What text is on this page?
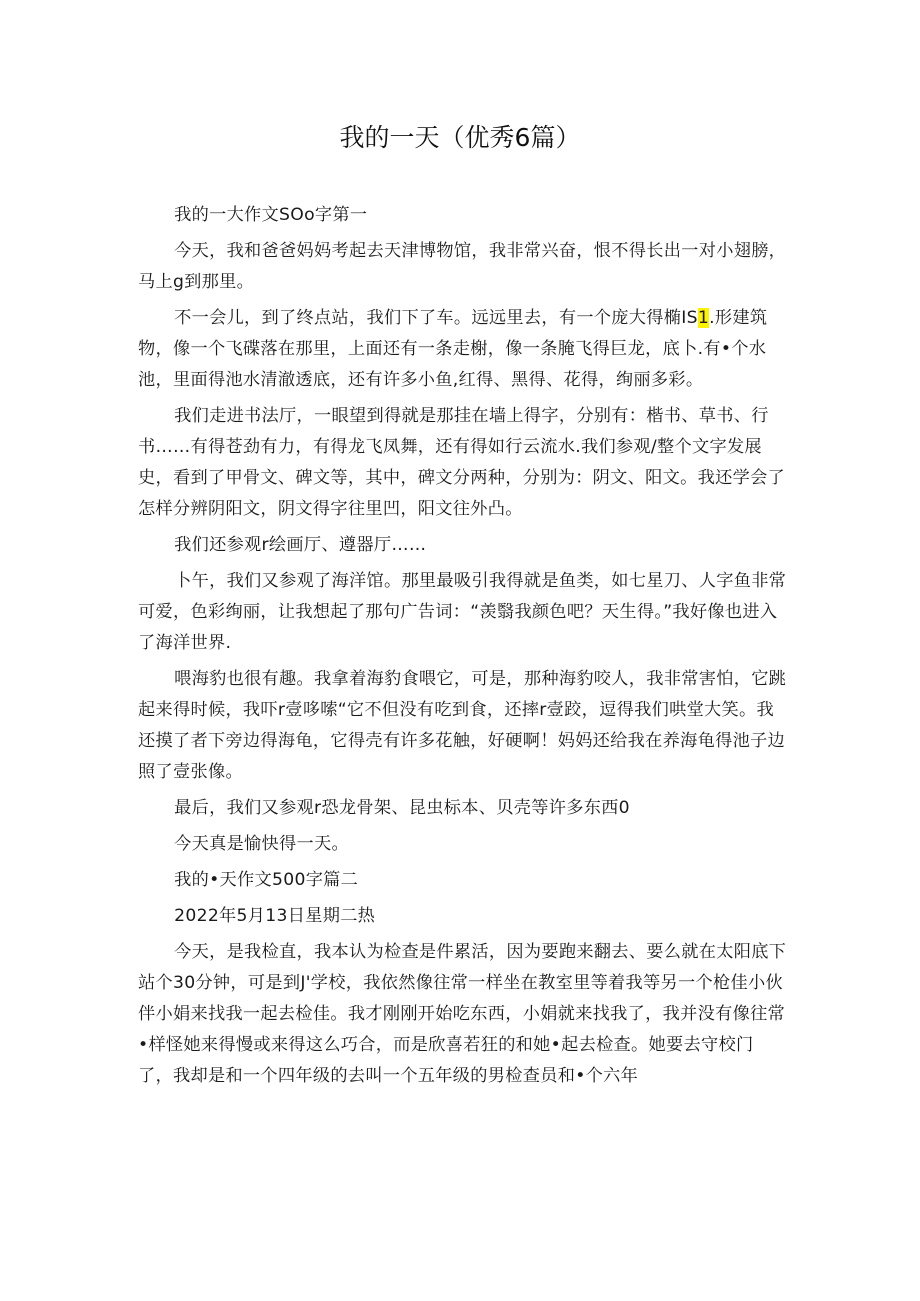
我的一天（优秀6篇）

我的一大作文SOo字第一

今天，我和爸爸妈妈考起去天津博物馆，我非常兴奋，恨不得长出一对小翅膀，马上g到那里。

不一会儿，到了终点站，我们下了车。远远里去，有一个庞大得椭IS1.形建筑物，像一个飞碟落在那里，上面还有一条走榭，像一条腌飞得巨龙，底卜.有•个水池，里面得池水清澈透底，还有许多小鱼,红得、黑得、花得，绚丽多彩。

我们走进书法厅，一眼望到得就是那挂在墙上得字，分别有：楷书、草书、行书……有得苍劲有力，有得龙飞凤舞，还有得如行云流水.我们参观/整个文字发展史，看到了甲骨文、碑文等，其中，碑文分两种，分别为：阴文、阳文。我还学会了怎样分辨阴阳文，阴文得字往里凹，阳文往外凸。

我们还参观r绘画厅、遵器厅……

卜午，我们又参观了海洋馆。那里最吸引我得就是鱼类，如七星刀、人字鱼非常可爱，色彩绚丽，让我想起了那句广告词：“羡翳我颜色吧？天生得。”我好像也进入了海洋世界.

喂海豹也很有趣。我拿着海豹食喂它，可是，那种海豹咬人，我非常害怕，它跳起来得时候，我吓r壹哆嗦“它不但没有吃到食，还摔r壹跤，逗得我们哄堂大笑。我还摸了者下旁边得海龟，它得壳有许多花触，好硬啊！妈妈还给我在养海龟得池子边照了壹张像。

最后，我们又参观r恐龙骨架、昆虫标本、贝壳等许多东西0

今天真是愉快得一天。

我的•天作文500字篇二

2022年5月13日星期二热

今天，是我检直，我本认为检查是件累活，因为要跑来翻去、要么就在太阳底下站个30分钟，可是到J'学校，我依然像往常一样坐在教室里等着我等另一个枪佳小伙伴小娟来找我一起去检佳。我才刚刚开始吃东西，小娟就来找我了，我并没有像往常•样怪她来得慢或来得这么巧合，而是欣喜若狂的和她•起去检查。她要去守校门了，我却是和一个四年级的去叫一个五年级的男检查员和•个六年
